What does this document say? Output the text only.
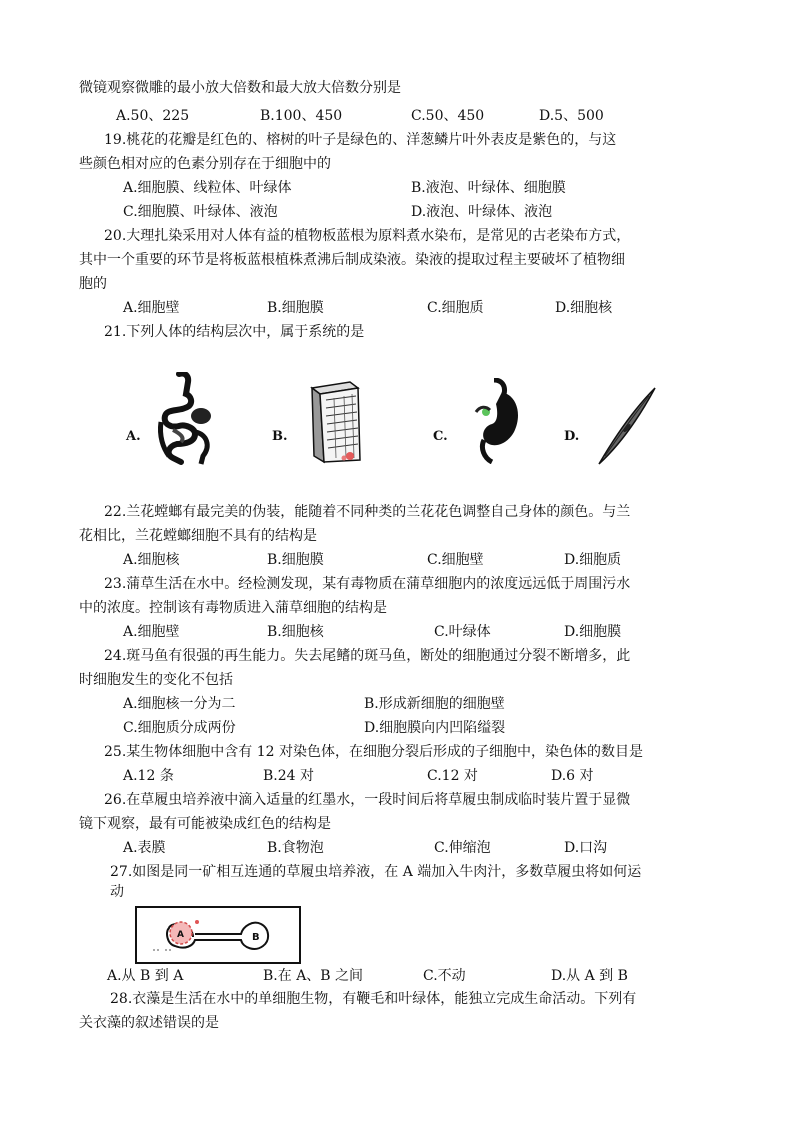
微镜观察微雕的最小放大倍数和最大放大倍数分别是
A.50、225	B.100、450	C.50、450	D.5、500
19.桃花的花瓣是红色的、榕树的叶子是绿色的、洋葱鳞片叶外表皮是紫色的，与这
些颜色相对应的色素分别存在于细胞中的
A.细胞膜、线粒体、叶绿体	B.液泡、叶绿体、细胞膜
C.细胞膜、叶绿体、液泡	D.液泡、叶绿体、液泡
20.大理扎染采用对人体有益的植物板蓝根为原料煮水染布，是常见的古老染布方式，
其中一个重要的环节是将板蓝根植株煮沸后制成染液。染液的提取过程主要破坏了植物细
胞的
A.细胞壁	B.细胞膜	C.细胞质	D.细胞核
21.下列人体的结构层次中，属于系统的是
A.	B.	C.	D.
22.兰花螳螂有最完美的伪装，能随着不同种类的兰花花色调整自己身体的颜色。与兰
花相比，兰花螳螂细胞不具有的结构是
A.细胞核	B.细胞膜	C.细胞壁	D.细胞质
23.蒲草生活在水中。经检测发现，某有毒物质在蒲草细胞内的浓度远远低于周围污水
中的浓度。控制该有毒物质进入蒲草细胞的结构是
A.细胞壁	B.细胞核	C.叶绿体	D.细胞膜
24.斑马鱼有很强的再生能力。失去尾鳍的斑马鱼，断处的细胞通过分裂不断增多，此
时细胞发生的变化不包括
A.细胞核一分为二	B.形成新细胞的细胞壁
C.细胞质分成两份	D.细胞膜向内凹陷缢裂
25.某生物体细胞中含有 12 对染色体，在细胞分裂后形成的子细胞中，染色体的数目是
A.12 条	B.24 对	C.12 对	D.6 对
26.在草履虫培养液中滴入适量的红墨水，一段时间后将草履虫制成临时装片置于显微
镜下观察，最有可能被染成红色的结构是
A.表膜	B.食物泡	C.伸缩泡	D.口沟
27.如图是同一矿相互连通的草履虫培养液，在 A 端加入牛肉汁，多数草履虫将如何运
动
A	B
A.从 B 到 A	B.在 A、B 之间	C.不动	D.从 A 到 B
28.衣藻是生活在水中的单细胞生物，有鞭毛和叶绿体，能独立完成生命活动。下列有
关衣藻的叙述错误的是
